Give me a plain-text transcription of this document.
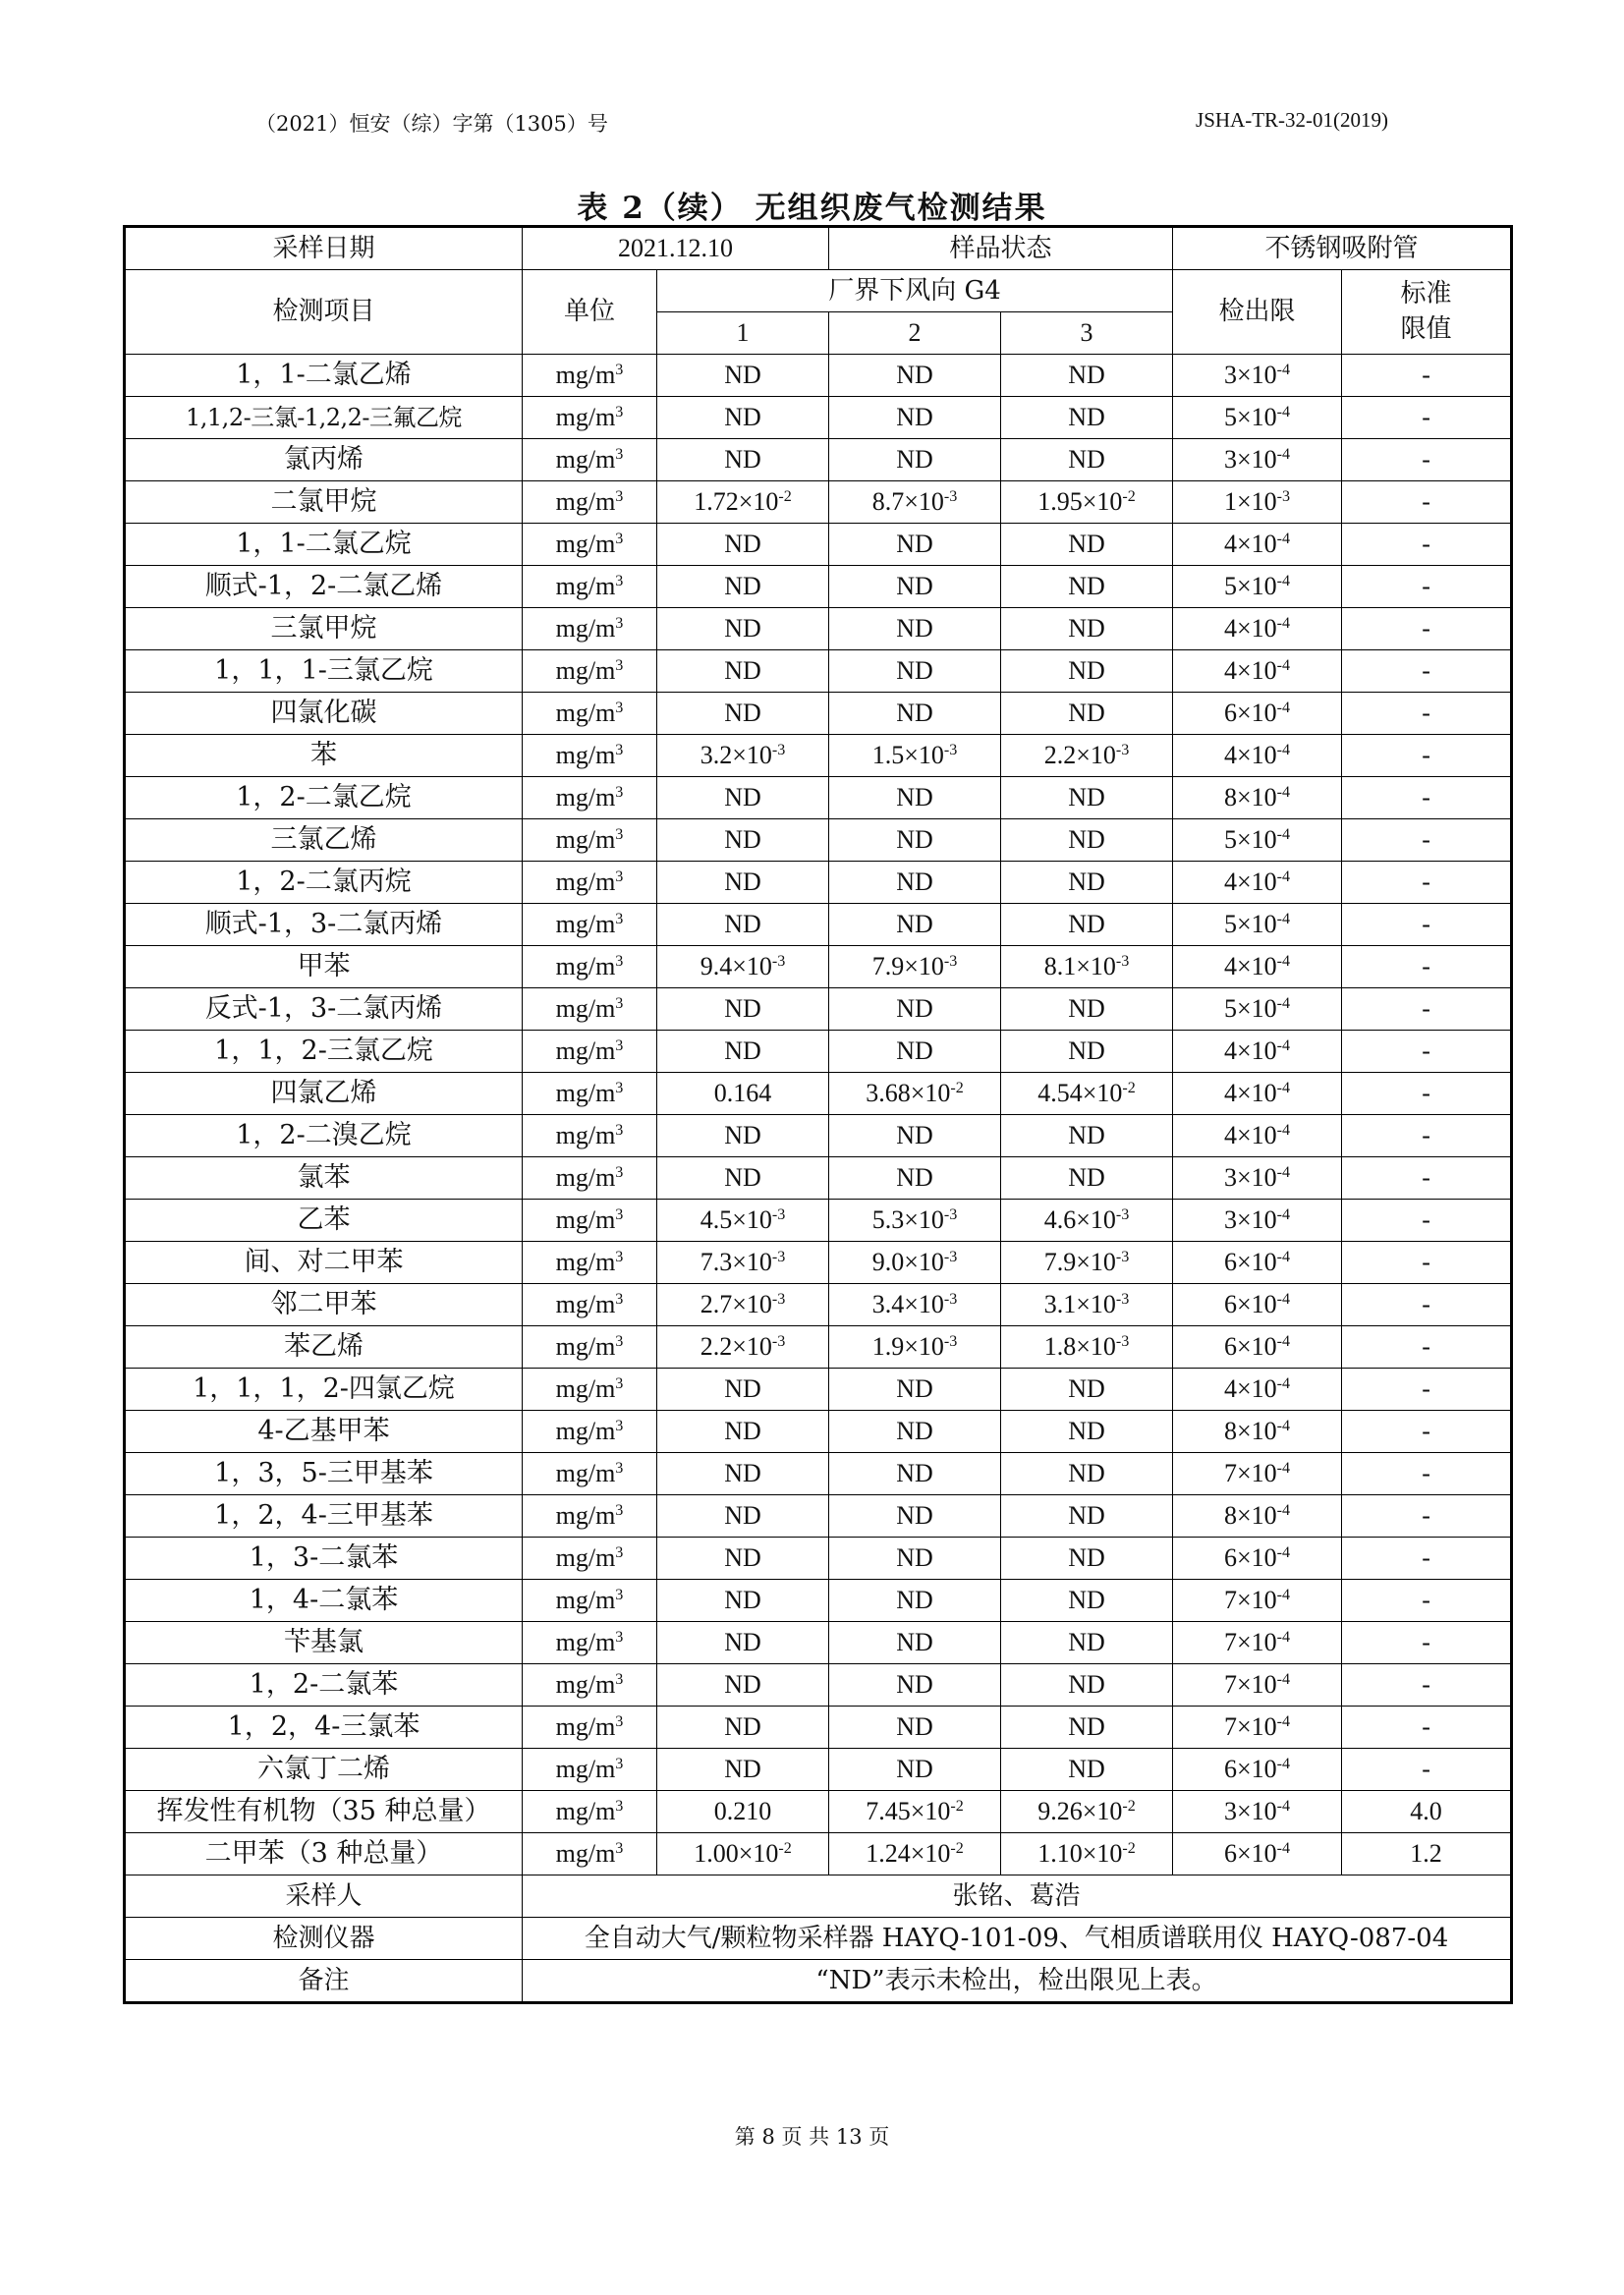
（2021）恒安（综）字第（1305）号	JSHA-TR-32-01(2019)
表 2（续） 无组织废气检测结果
采样日期	2021.12.10		样品状态		不锈钢吸附管	
检测项目	单位	厂界下风向 G4			检出限	标准
限值
		1	2	3		
1，1-二氯乙烯	$mg/m^3$	ND	ND	ND	$3\times 10^{-4}$	-
1,1,2-三氯-1,2,2-三氟乙烷	$mg/m^3$	ND	ND	ND	$5\times 10^{-4}$	-
氯丙烯	$mg/m^3$	ND	ND	ND	$3\times 10^{-4}$	-
二氯甲烷	$mg/m^3$	$1.72\times 10^{-2}$	$8.7\times 10^{-3}$	$1.95\times 10^{-2}$	$1\times 10^{-3}$	-
1，1-二氯乙烷	$mg/m^3$	ND	ND	ND	$4\times 10^{-4}$	-
顺式-1，2-二氯乙烯	$mg/m^3$	ND	ND	ND	$5\times 10^{-4}$	-
三氯甲烷	$mg/m^3$	ND	ND	ND	$4\times 10^{-4}$	-
1，1，1-三氯乙烷	$mg/m^3$	ND	ND	ND	$4\times 10^{-4}$	-
四氯化碳	$mg/m^3$	ND	ND	ND	$6\times 10^{-4}$	-
苯	$mg/m^3$	$3.2\times 10^{-3}$	$1.5\times 10^{-3}$	$2.2\times 10^{-3}$	$4\times 10^{-4}$	-
1，2-二氯乙烷	$mg/m^3$	ND	ND	ND	$8\times 10^{-4}$	-
三氯乙烯	$mg/m^3$	ND	ND	ND	$5\times 10^{-4}$	-
1，2-二氯丙烷	$mg/m^3$	ND	ND	ND	$4\times 10^{-4}$	-
顺式-1，3-二氯丙烯	$mg/m^3$	ND	ND	ND	$5\times 10^{-4}$	-
甲苯	$mg/m^3$	$9.4\times 10^{-3}$	$7.9\times 10^{-3}$	$8.1\times 10^{-3}$	$4\times 10^{-4}$	-
反式-1，3-二氯丙烯	$mg/m^3$	ND	ND	ND	$5\times 10^{-4}$	-
1，1，2-三氯乙烷	$mg/m^3$	ND	ND	ND	$4\times 10^{-4}$	-
四氯乙烯	$mg/m^3$	0.164	$3.68\times 10^{-2}$	$4.54\times 10^{-2}$	$4\times 10^{-4}$	-
1，2-二溴乙烷	$mg/m^3$	ND	ND	ND	$4\times 10^{-4}$	-
氯苯	$mg/m^3$	ND	ND	ND	$3\times 10^{-4}$	-
乙苯	$mg/m^3$	$4.5\times 10^{-3}$	$5.3\times 10^{-3}$	$4.6\times 10^{-3}$	$3\times 10^{-4}$	-
间、对二甲苯	$mg/m^3$	$7.3\times 10^{-3}$	$9.0\times 10^{-3}$	$7.9\times 10^{-3}$	$6\times 10^{-4}$	-
邻二甲苯	$mg/m^3$	$2.7\times 10^{-3}$	$3.4\times 10^{-3}$	$3.1\times 10^{-3}$	$6\times 10^{-4}$	-
苯乙烯	$mg/m^3$	$2.2\times 10^{-3}$	$1.9\times 10^{-3}$	$1.8\times 10^{-3}$	$6\times 10^{-4}$	-
1，1，1，2-四氯乙烷	$mg/m^3$	ND	ND	ND	$4\times 10^{-4}$	-
4-乙基甲苯	$mg/m^3$	ND	ND	ND	$8\times 10^{-4}$	-
1，3，5-三甲基苯	$mg/m^3$	ND	ND	ND	$7\times 10^{-4}$	-
1，2，4-三甲基苯	$mg/m^3$	ND	ND	ND	$8\times 10^{-4}$	-
1，3-二氯苯	$mg/m^3$	ND	ND	ND	$6\times 10^{-4}$	-
1，4-二氯苯	$mg/m^3$	ND	ND	ND	$7\times 10^{-4}$	-
苄基氯	$mg/m^3$	ND	ND	ND	$7\times 10^{-4}$	-
1，2-二氯苯	$mg/m^3$	ND	ND	ND	$7\times 10^{-4}$	-
1，2，4-三氯苯	$mg/m^3$	ND	ND	ND	$7\times 10^{-4}$	-
六氯丁二烯	$mg/m^3$	ND	ND	ND	$6\times 10^{-4}$	-
挥发性有机物（35 种总量）	$mg/m^3$	0.210	$7.45\times 10^{-2}$	$9.26\times 10^{-2}$	$3\times 10^{-4}$	4.0
二甲苯（3 种总量）	$mg/m^3$	$1.00\times 10^{-2}$	$1.24\times 10^{-2}$	$1.10\times 10^{-2}$	$6\times 10^{-4}$	1.2
采样人	张铭、葛浩					
检测仪器	全自动大气/颗粒物采样器 HAYQ-101-09、气相质谱联用仪 HAYQ-087-04					
备注	“ND”表示未检出，检出限见上表。					
第 8 页 共 13 页
